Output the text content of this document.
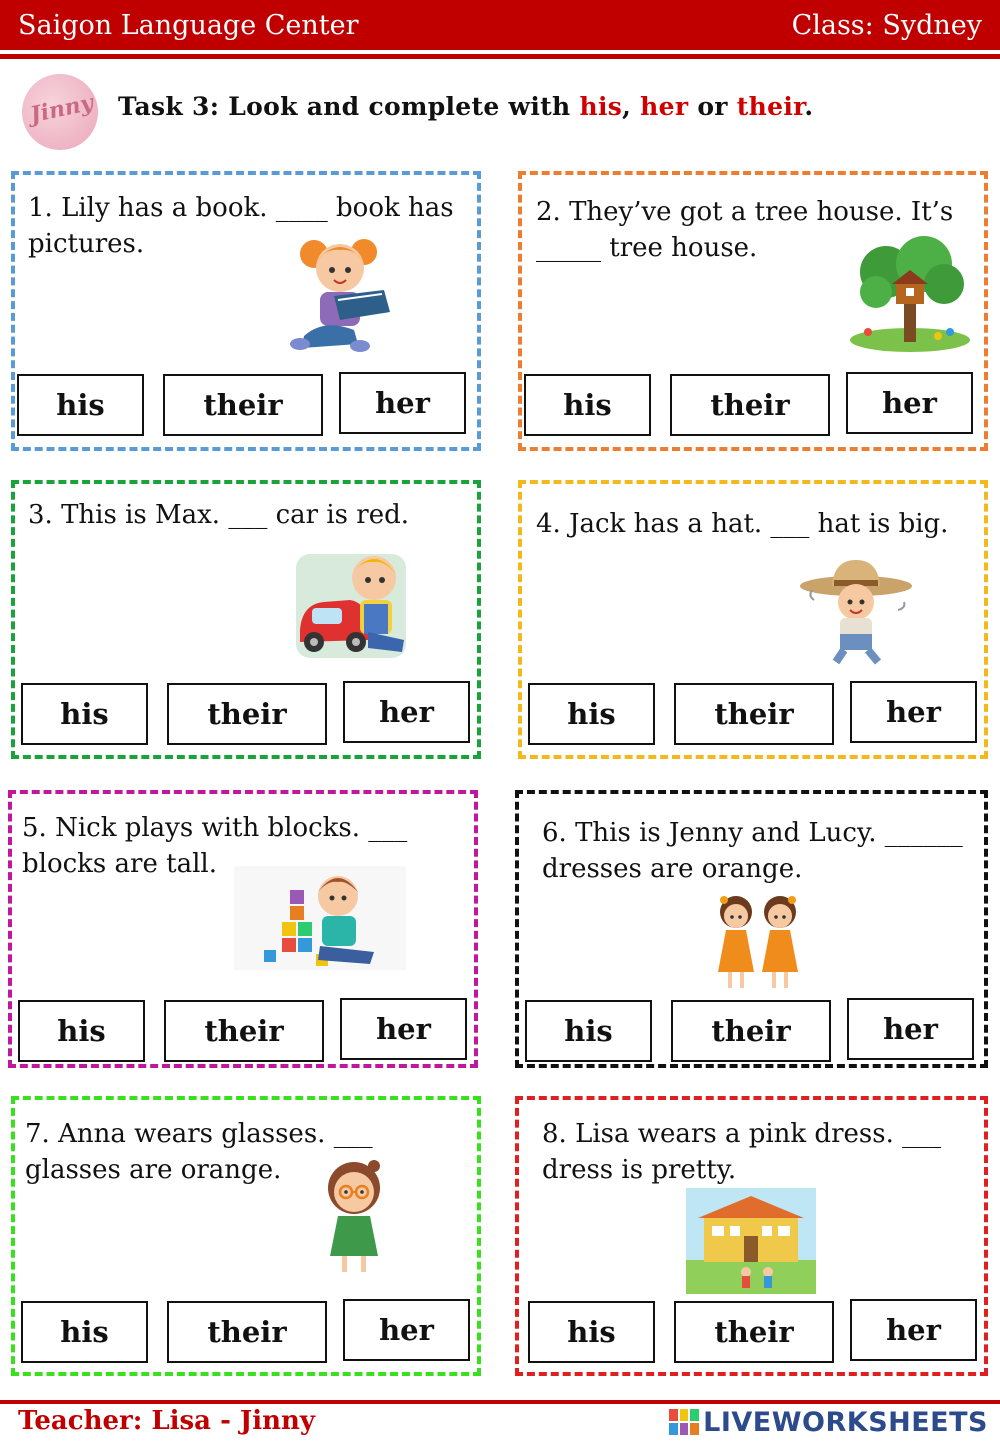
Saigon Language Center	Class: Sydney
Jinny Task 3: Look and complete with his, her or their.
1. Lily has a book. ____ book has pictures.
his	their	her
2. They’ve got a tree house. It’s _____ tree house.
his	their	her
3. This is Max. ___ car is red.
his	their	her
4. Jack has a hat. ___ hat is big.
his	their	her
5. Nick plays with blocks. ___ blocks are tall.
his	their	her
6. This is Jenny and Lucy. ______ dresses are orange.
his	their	her
7. Anna wears glasses. ___ glasses are orange.
his	their	her
8. Lisa wears a pink dress. ___ dress is pretty.
his	their	her
Teacher: Lisa - Jinny	LIVEWORKSHEETS
